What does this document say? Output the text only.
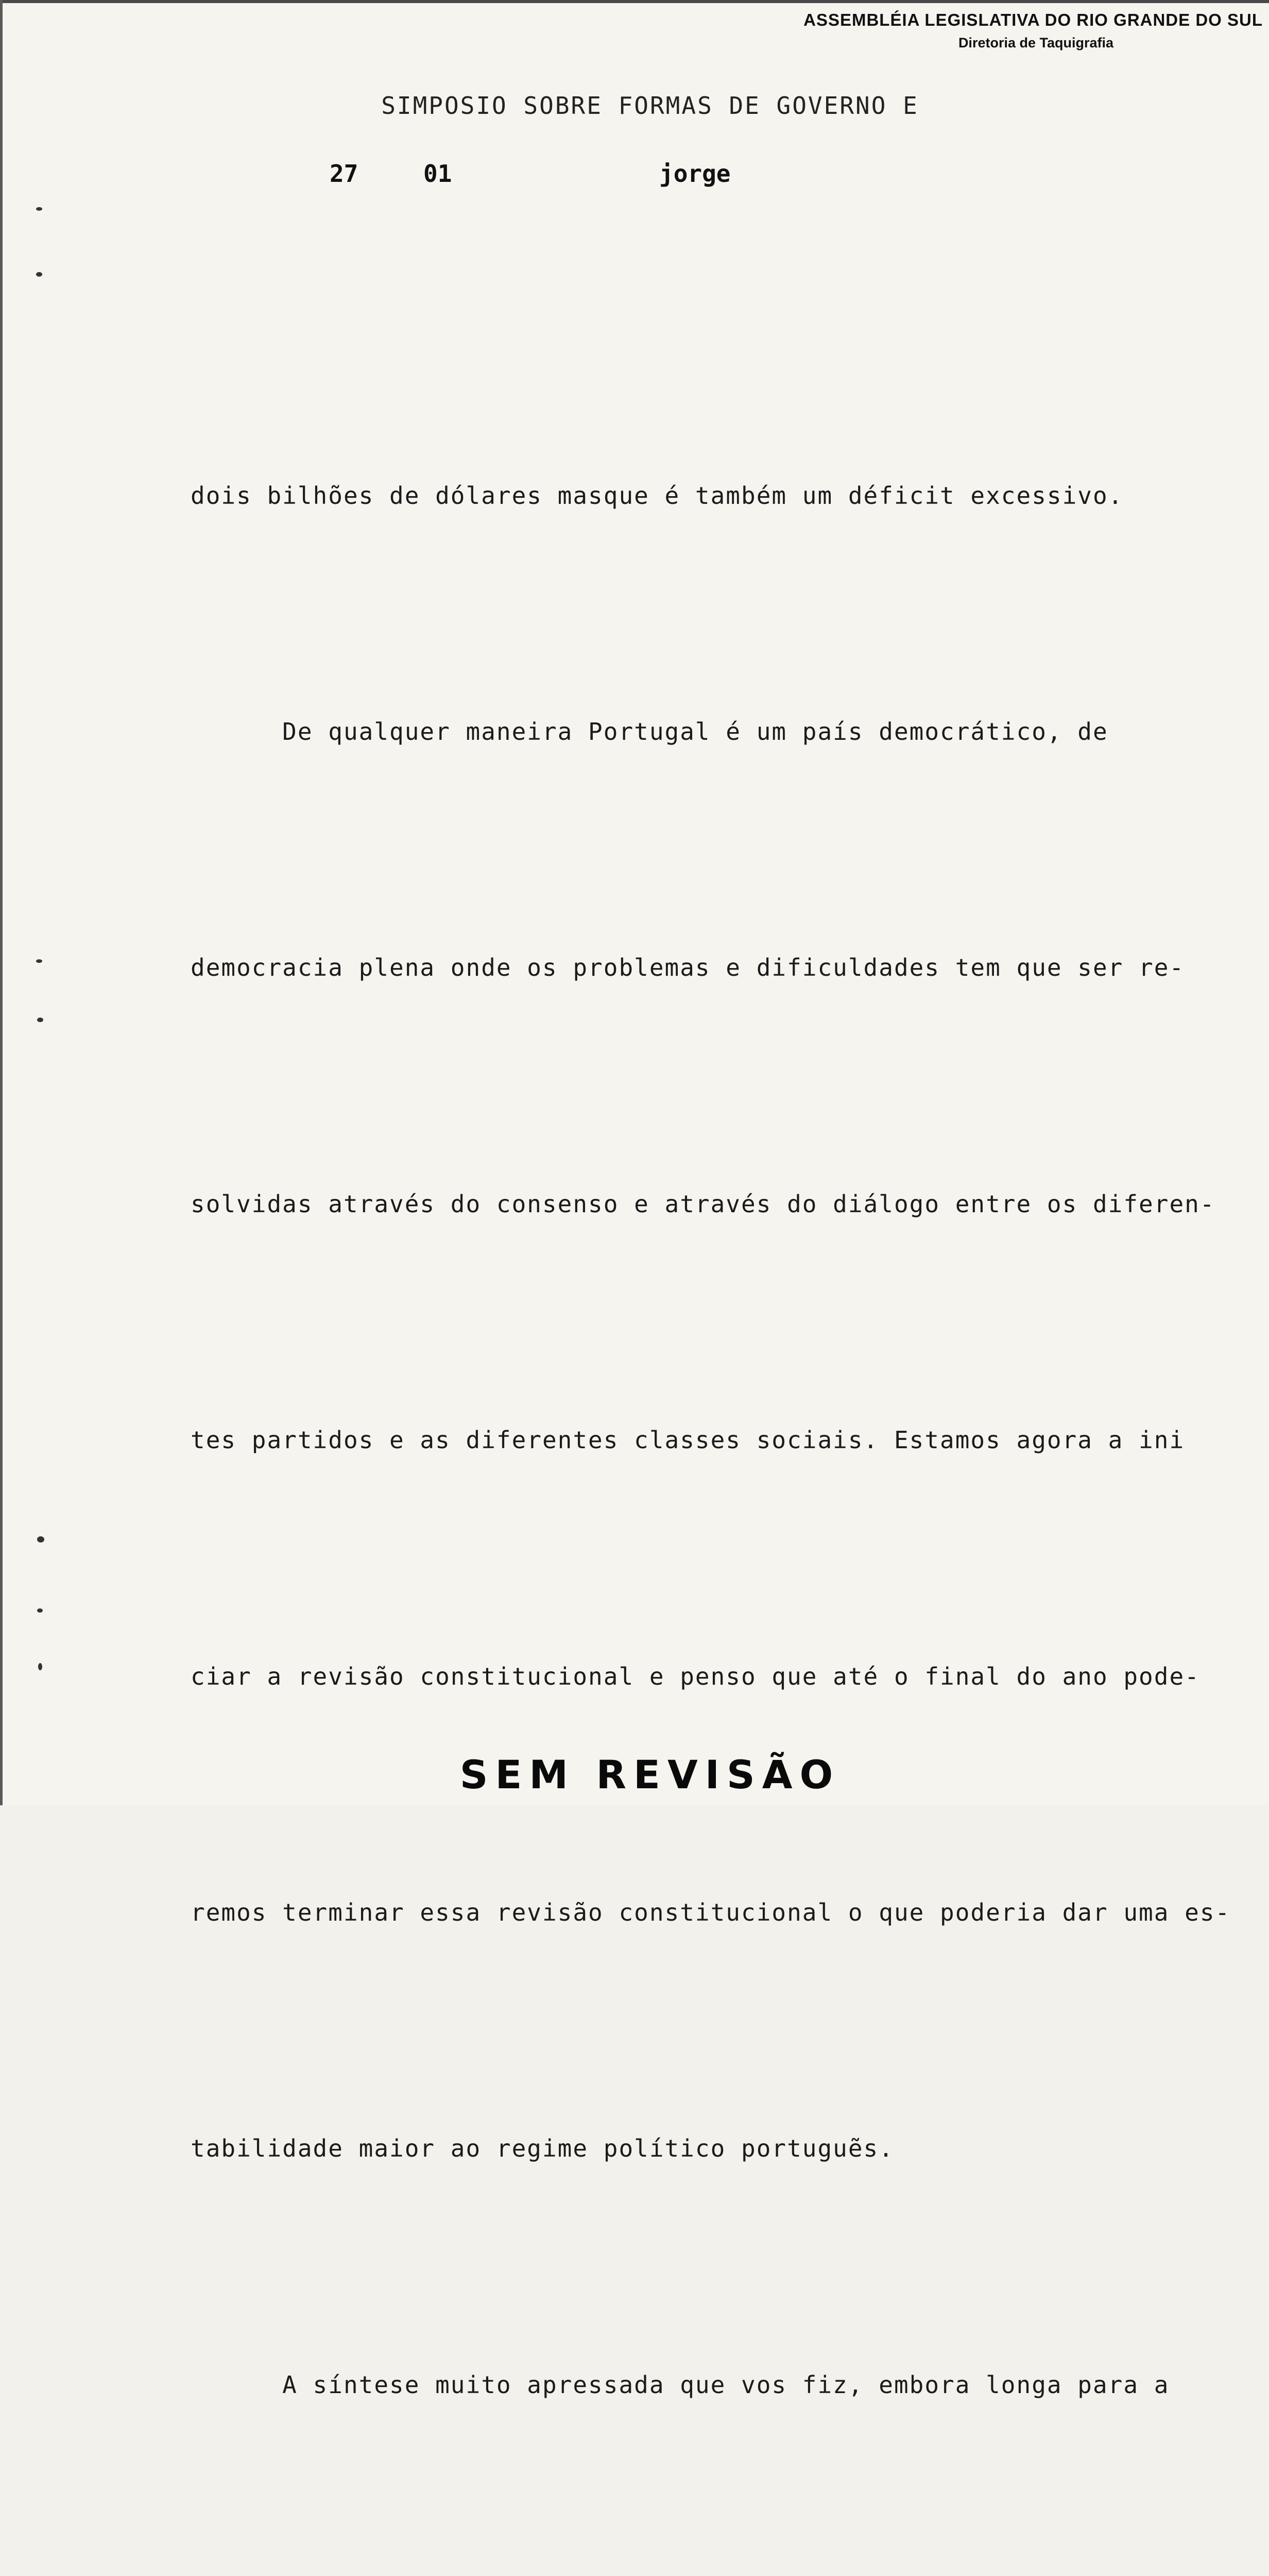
ASSEMBLÉIA LEGISLATIVA DO RIO GRANDE DO SUL
Diretoria de Taquigrafia
SIMPOSIO SOBRE FORMAS DE GOVERNO E
27	01	jorge

dois bilhões de dólares masque é também um déficit excessivo.

De qualquer maneira Portugal é um país democrático, de

democracia plena onde os problemas e dificuldades tem que ser re-

solvidas através do consenso e através do diálogo entre os diferen-

tes partidos e as diferentes classes sociais. Estamos agora a ini

ciar a revisão constitucional e penso que até o final do ano pode-

remos terminar essa revisão constitucional o que poderia dar uma es-

tabilidade maior ao regime político portuguẽs.

A síntese muito apressada que vos fiz, embora longa para a

SEM REVISÃO
